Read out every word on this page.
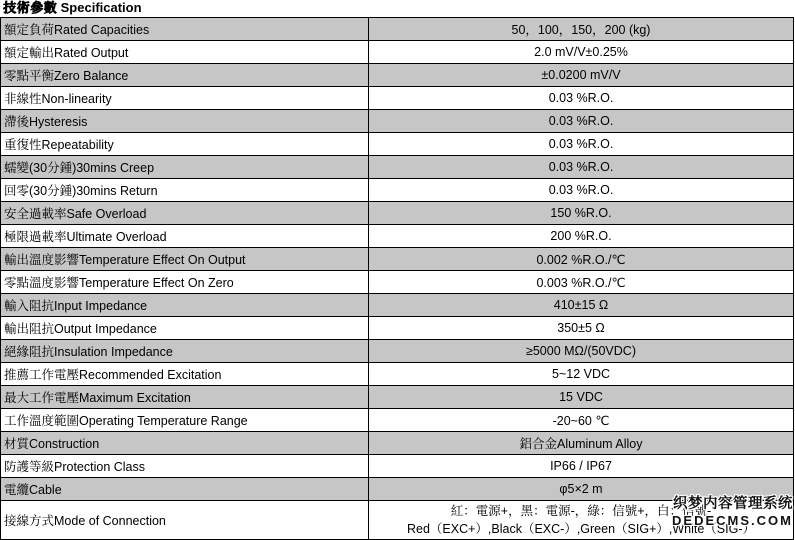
技術參數 Specification
額定負荷Rated Capacities	50，100，150，200 (kg)
額定輸出Rated Output	2.0 mV/V±0.25%
零點平衡Zero Balance	±0.0200 mV/V
非線性Non-linearity	0.03 %R.O.
滯後Hysteresis	0.03 %R.O.
重復性Repeatability	0.03 %R.O.
蠕變(30分鍾)30mins Creep	0.03 %R.O.
回零(30分鍾)30mins Return	0.03 %R.O.
安全過載率Safe Overload	150 %R.O.
極限過載率Ultimate Overload	200 %R.O.
輸出溫度影響Temperature Effect On Output	0.002 %R.O./℃
零點溫度影響Temperature Effect On Zero	0.003 %R.O./℃
輸入阻抗Input Impedance	410±15 Ω
輸出阻抗Output Impedance	350±5 Ω
絕緣阻抗Insulation Impedance	≥5000 MΩ/(50VDC)
推薦工作電壓Recommended Excitation	5~12 VDC
最大工作電壓Maximum Excitation	15 VDC
工作溫度範圍Operating Temperature Range	-20~60 ℃
材質Construction	鋁合金Aluminum Alloy
防護等級Protection Class	IP66 / IP67
電纜Cable	φ5×2 m
接線方式Mode of Connection	紅：電源+，黑：電源-，綠：信號+，白：信號-
Red（EXC+）,Black（EXC-）,Green（SIG+）,White（SIG-）
织梦内容管理系统
DEDECMS.COM
